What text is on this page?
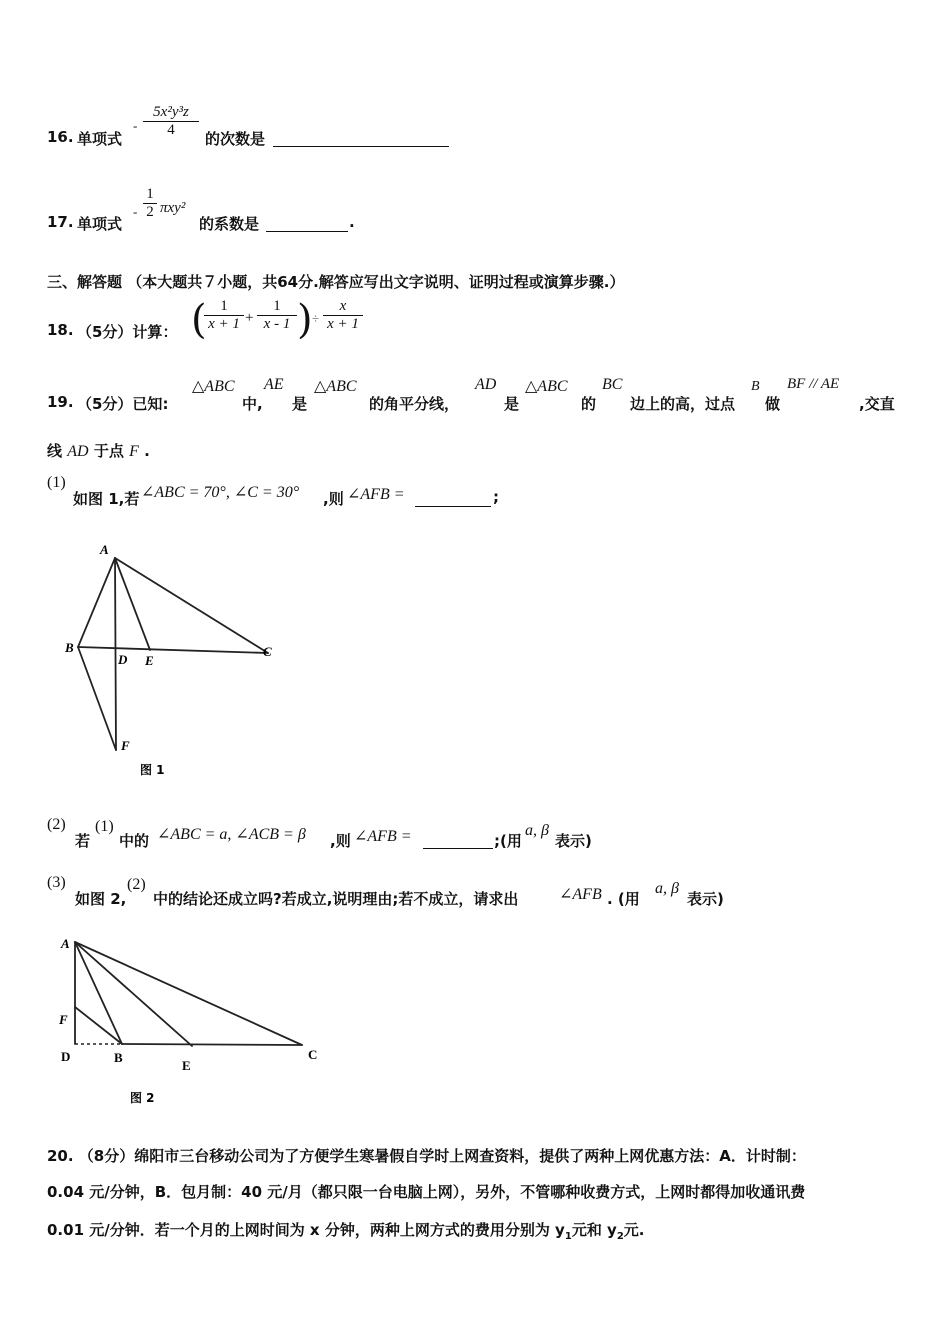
16. 单项式
-
5x²y³z
4	的次数是
17. 单项式
-
1
2 πxy²
的系数是	.
三、解答题 （本大题共７小题，共64分.解答应写出文字说明、证明过程或演算步骤.）
18. （5分）计算： ( 1
x + 1 +
1
x - 1 ) ÷
x
x + 1
19. （5分）已知:
△ABC
中,
AE
是
△ABC
的角平分线，
AD
是
△ABC
的
BC
边上的高，过点
B
做
BF // AE
,交直
线 AD 于点 F .
(1)
如图 1,若 ∠ABC = 70°, ∠C = 30° ,则 ∠AFB =	;
A
B
D E
C
F
图 1
(2)
若
(1)
中的 ∠ABC = a, ∠ACB = β ,则 ∠AFB =	;(用
a, β
表示)
(3)
如图 2,
(2)
中的结论还成立吗?若成立,说明理由;若不成立，请求出	∠AFB . (用
a, β
表示)
A
F
D	B
E
C
图 2
20. （8分）绵阳市三台移动公司为了方便学生寒暑假自学时上网查资料，提供了两种上网优惠方法：A．计时制：
0.04 元/分钟，B．包月制：40 元/月（都只限一台电脑上网），另外，不管哪种收费方式，上网时都得加收通讯费
0.01 元/分钟．若一个月的上网时间为 x 分钟，两种上网方式的费用分别为 $y_1$元和 $y_2$元.
